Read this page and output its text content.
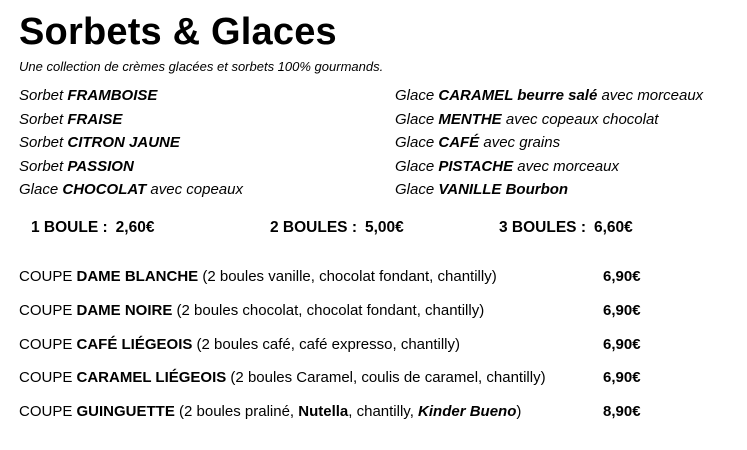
Sorbets & Glaces
Une collection de crèmes glacées et sorbets 100% gourmands.
Sorbet FRAMBOISE
Sorbet FRAISE
Sorbet CITRON JAUNE
Sorbet PASSION
Glace CHOCOLAT avec copeaux
Glace CARAMEL beurre salé avec morceaux
Glace MENTHE avec copeaux chocolat
Glace CAFÉ avec grains
Glace PISTACHE avec morceaux
Glace VANILLE Bourbon
1 BOULE : 2,60€	2 BOULES : 5,00€	3 BOULES : 6,60€
COUPE DAME BLANCHE (2 boules vanille, chocolat fondant, chantilly)	6,90€
COUPE DAME NOIRE (2 boules chocolat, chocolat fondant, chantilly)	6,90€
COUPE CAFÉ LIÉGEOIS (2 boules café, café expresso, chantilly)	6,90€
COUPE CARAMEL LIÉGEOIS (2 boules Caramel, coulis de caramel, chantilly)	6,90€
COUPE GUINGUETTE (2 boules praliné, Nutella, chantilly, Kinder Bueno)	8,90€
